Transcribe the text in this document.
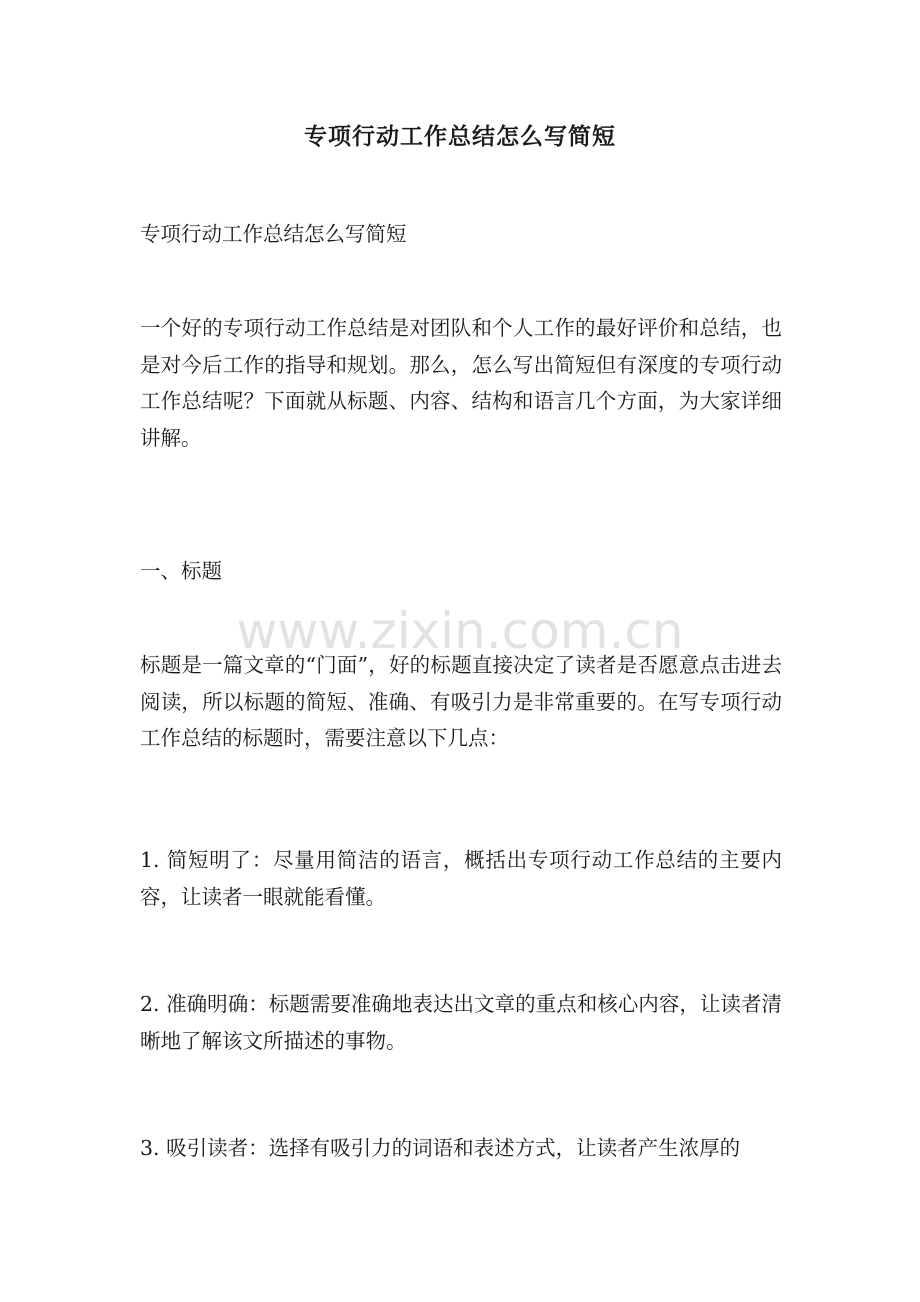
专项行动工作总结怎么写简短

专项行动工作总结怎么写简短

一个好的专项行动工作总结是对团队和个人工作的最好评价和总结，也是对今后工作的指导和规划。那么，怎么写出简短但有深度的专项行动工作总结呢？下面就从标题、内容、结构和语言几个方面，为大家详细讲解。

一、标题

标题是一篇文章的“门面”，好的标题直接决定了读者是否愿意点击进去阅读，所以标题的简短、准确、有吸引力是非常重要的。在写专项行动工作总结的标题时，需要注意以下几点：

1. 简短明了：尽量用简洁的语言，概括出专项行动工作总结的主要内容，让读者一眼就能看懂。

2. 准确明确：标题需要准确地表达出文章的重点和核心内容，让读者清晰地了解该文所描述的事物。

3. 吸引读者：选择有吸引力的词语和表述方式，让读者产生浓厚的

www.zixin.com.cn
